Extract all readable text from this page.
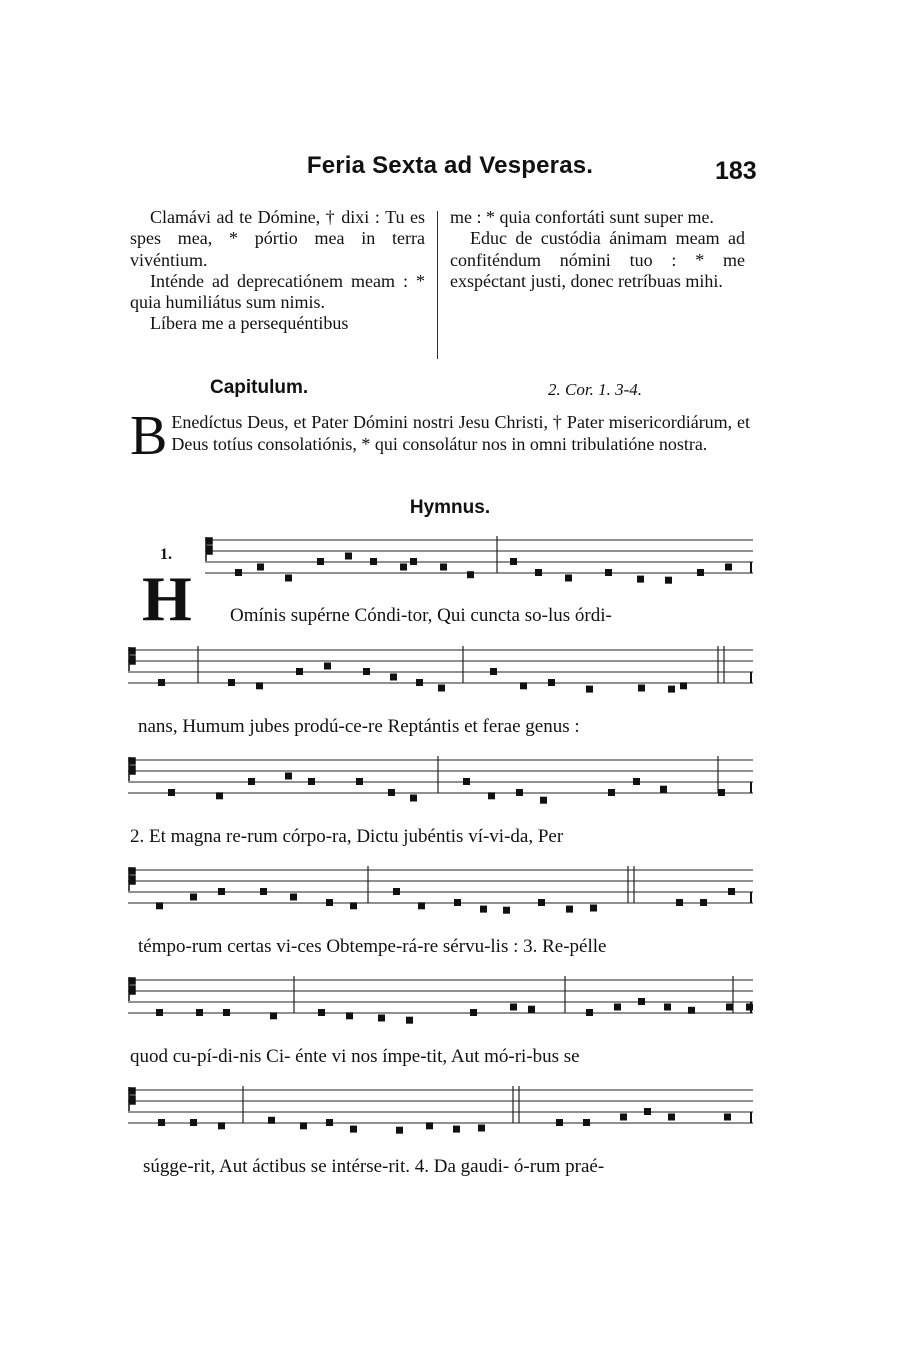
Feria Sexta ad Vesperas.	183

Clamávi ad te Dómine, † dixi : Tu es spes mea, * pórtio mea in terra vivéntium.

Inténde ad deprecatiónem meam : * quia humiliátus sum nimis.

Líbera me a persequéntibus

me : * quia confortáti sunt super me.

Educ de custódia ánimam meam ad confiténdum nómini tuo : * me exspéctant justi, donec retríbuas mihi.

Capitulum.	2. Cor. 1. 3-4.
B Enedíctus Deus, et Pater Dómini nostri Jesu Christi, † Pater misericordiárum, et Deus totíus consolatiónis, * qui consolátur nos in omni tribulatióne nostra.
Hymnus.
1.
H Omínis supérne Cóndi-tor, Qui cuncta so-lus órdi-
nans, Humum jubes prodú-ce-re Reptántis et ferae genus :
2. Et magna re-rum córpo-ra, Dictu jubéntis ví-vi-da, Per
témpo-rum certas vi-ces Obtempe-rá-re sérvu-lis : 3. Re-pélle
quod cu-pí-di-nis Ci- énte vi nos ímpe-tit, Aut mó-ri-bus se
súgge-rit, Aut áctibus se intérse-rit. 4. Da gaudi- ó-rum praé-
